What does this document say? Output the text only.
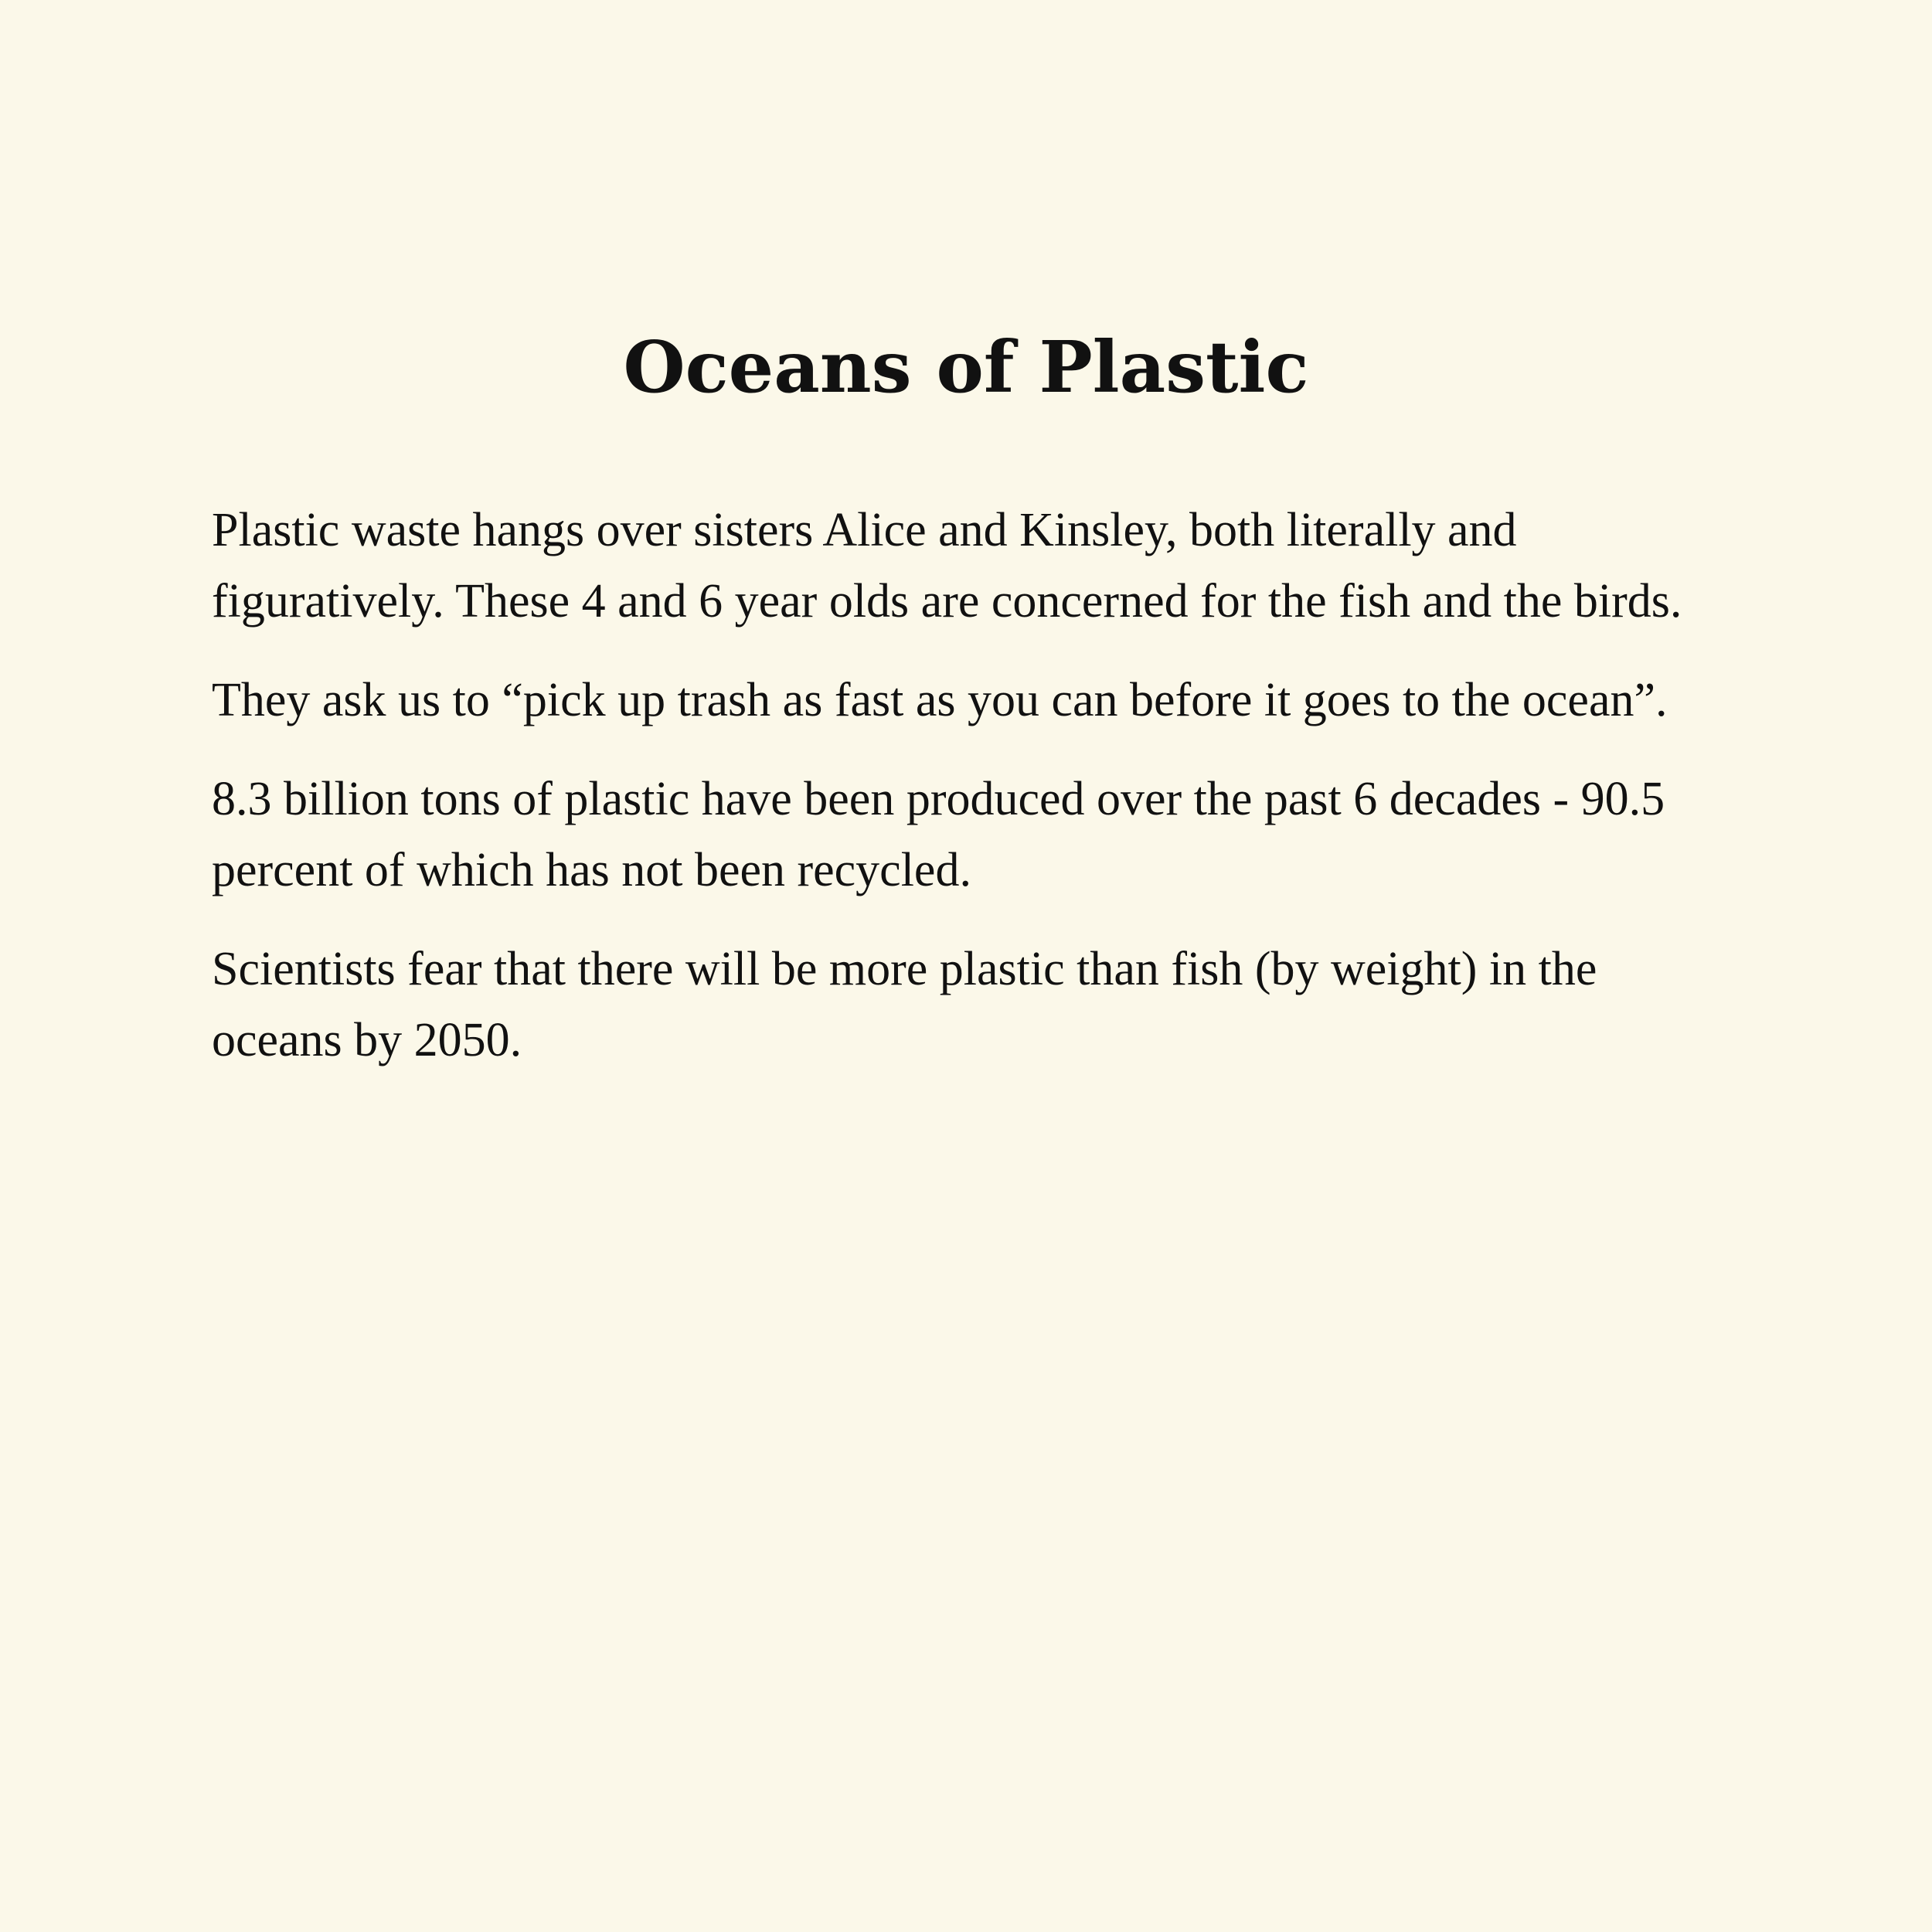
Oceans of Plastic

Plastic waste hangs over sisters Alice and Kinsley, both literally and figuratively. These 4 and 6 year olds are concerned for the fish and the birds.

They ask us to “pick up trash as fast as you can before it goes to the ocean”.

8.3 billion tons of plastic have been produced over the past 6 decades - 90.5 percent of which has not been recycled.

Scientists fear that there will be more plastic than fish (by weight) in the oceans by 2050.
